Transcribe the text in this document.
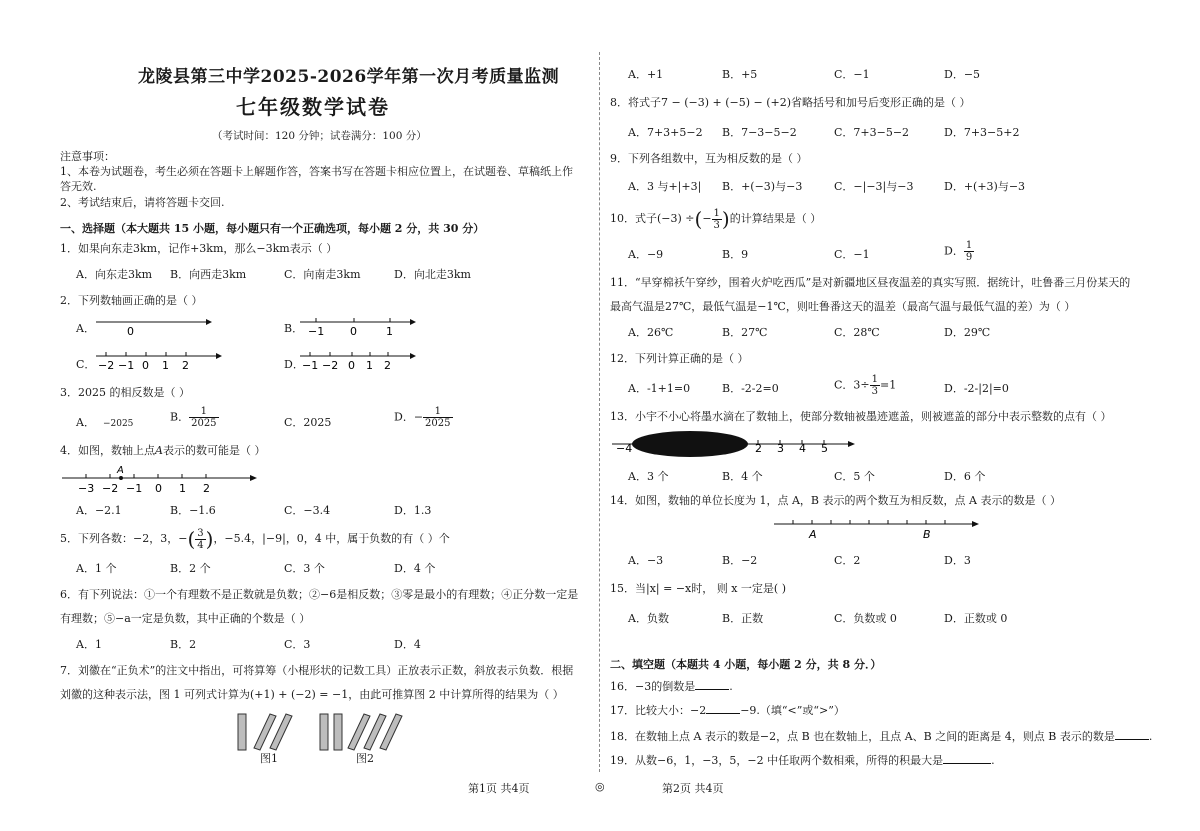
龙陵县第三中学2025-2026学年第一次月考质量监测
七年级数学试卷
（考试时间：120 分钟；试卷满分：100 分）
注意事项：
1、本卷为试题卷，考生必须在答题卡上解题作答，答案书写在答题卡相应位置上，在试题卷、草稿纸上作
答无效.
2、考试结束后，请将答题卡交回.
一、选择题（本大题共 15 小题，每小题只有一个正确选项，每小题 2 分，共 30 分）
1．如果向东走3km，记作+3km，那么−3km表示（ ）
A．向东走3km B．向西走3km	C．向南走3km	D．向北走3km
2．下列数轴画正确的是（ ）
A．	0	B． −1 0	1
C． −2 −1 0 1 2	D．
−1 −2 0 1 2
3．2025 的相反数是（ ）
A． −2025
B． $\frac{1}{2025}$	C．2025	D．− $\frac{1}{2025}$
4．如图，数轴上点A表示的数可能是（ ）
A
−3 −2 −1 0 1 2
A．−2.1	B．−1.6	C．−3.4	D．1.3
5．下列各数：−2，3，−( $\frac{3}{4}$ )，−5.4，|−9|，0，4 中，属于负数的有（ ）个
A．1 个	B．2 个	C．3 个	D．4 个
6．有下列说法：①一个有理数不是正数就是负数；②−6是相反数；③零是最小的有理数；④正分数一定是
有理数；⑤−a一定是负数，其中正确的个数是（ ）
A．1	B．2	C．3	D．4
7．刘徽在“正负术”的注文中指出，可将算筹（小棍形状的记数工具）正放表示正数，斜放表示负数．根据
刘徽的这种表示法，图 1 可列式计算为(+1) + (−2) = −1，由此可推算图 2 中计算所得的结果为（ ）
图1	图2
A．+1	B．+5	C．−1	D．−5
8．将式子7 − (−3) + (−5) − (+2)省略括号和加号后变形正确的是（ ）
A．7+3+5−2 B．7−3−5−2	C．7+3−5−2	D．7+3−5+2
9．下列各组数中，互为相反数的是（ ）
A．3 与+|+3| B．+(−3)与−3	C．−|−3|与−3	D．+(+3)与−3
10．式子(−3) ÷(− $\frac{1}{3}$ )的计算结果是（ ）
A．−9	B．9	C．−1	D． $\frac{1}{9}$
11．“早穿棉袄午穿纱，围着火炉吃西瓜”是对新疆地区昼夜温差的真实写照．据统计，吐鲁番三月份某天的
最高气温是27℃，最低气温是−1℃，则吐鲁番这天的温差（最高气温与最低气温的差）为（ ）
A．26℃	B．27℃	C．28℃	D．29℃
12．下列计算正确的是（ ）
A．-1+1=0	B．-2-2=0	C．$3\div \frac{1}{3} =1$	D．-2-|2|=0
13．小宇不小心将墨水滴在了数轴上，使部分数轴被墨迹遮盖，则被遮盖的部分中表示整数的点有（ ）
−4	2 3 4 5
A．3 个	B．4 个	C．5 个	D．6 个
14．如图，数轴的单位长度为 1，点 A，B 表示的两个数互为相反数，点 A 表示的数是（ ）
A	B
A．−3	B．−2	C．2	D．3
15．当|x| = −x时， 则 x 一定是( )
A．负数	B．正数	C．负数或 0	D．正数或 0
二、填空题（本题共 4 小题，每小题 2 分，共 8 分．）
16．−3的倒数是	.
17．比较大小：−2	−9.（填“<”或“>”）
18．在数轴上点 A 表示的数是−2，点 B 也在数轴上，且点 A、B 之间的距离是 4，则点 B 表示的数是	.
19．从数−6，1，−3，5，−2 中任取两个数相乘，所得的积最大是	.
第1页 共4页	◎	第2页 共4页
